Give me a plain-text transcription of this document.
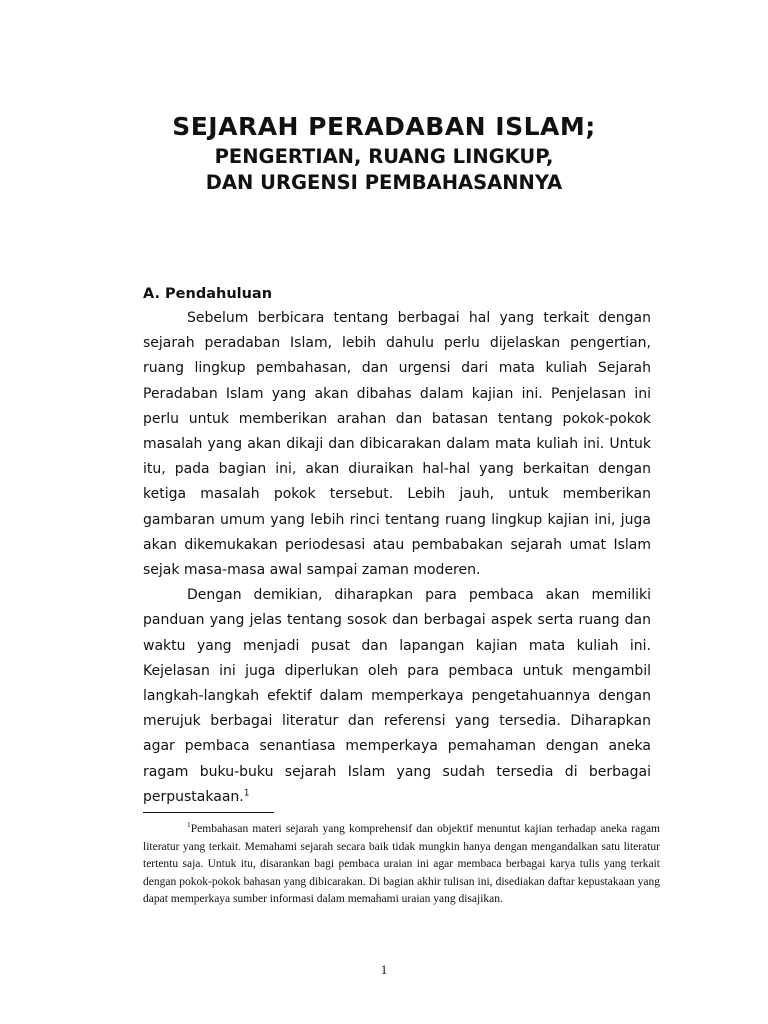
SEJARAH PERADABAN ISLAM;
PENGERTIAN, RUANG LINGKUP,
DAN URGENSI PEMBAHASANNYA
A. Pendahuluan

Sebelum berbicara tentang berbagai hal yang terkait dengan sejarah peradaban Islam, lebih dahulu perlu dijelaskan pengertian, ruang lingkup pembahasan, dan urgensi dari mata kuliah Sejarah Peradaban Islam yang akan dibahas dalam kajian ini. Penjelasan ini perlu untuk memberikan arahan dan batasan tentang pokok-pokok masalah yang akan dikaji dan dibicarakan dalam mata kuliah ini. Untuk itu, pada bagian ini, akan diuraikan hal-hal yang berkaitan dengan ketiga masalah pokok tersebut. Lebih jauh, untuk memberikan gambaran umum yang lebih rinci tentang ruang lingkup kajian ini, juga akan dikemukakan periodesasi atau pembabakan sejarah umat Islam sejak masa-masa awal sampai zaman moderen.

Dengan demikian, diharapkan para pembaca akan memiliki panduan yang jelas tentang sosok dan berbagai aspek serta ruang dan waktu yang menjadi pusat dan lapangan kajian mata kuliah ini. Kejelasan ini juga diperlukan oleh para pembaca untuk mengambil langkah-langkah efektif dalam memperkaya pengetahuannya dengan merujuk berbagai literatur dan referensi yang tersedia. Diharapkan agar pembaca senantiasa memperkaya pemahaman dengan aneka ragam buku-buku sejarah Islam yang sudah tersedia di berbagai perpustakaan.$^1$

$^1$Pembahasan materi sejarah yang komprehensif dan objektif menuntut kajian terhadap aneka ragam literatur yang terkait. Memahami sejarah secara baik tidak mungkin hanya dengan mengandalkan satu literatur tertentu saja. Untuk itu, disarankan bagi pembaca uraian ini agar membaca berbagai karya tulis yang terkait dengan pokok-pokok bahasan yang dibicarakan. Di bagian akhir tulisan ini, disediakan daftar kepustakaan yang dapat memperkaya sumber informasi dalam memahami uraian yang disajikan.
1
